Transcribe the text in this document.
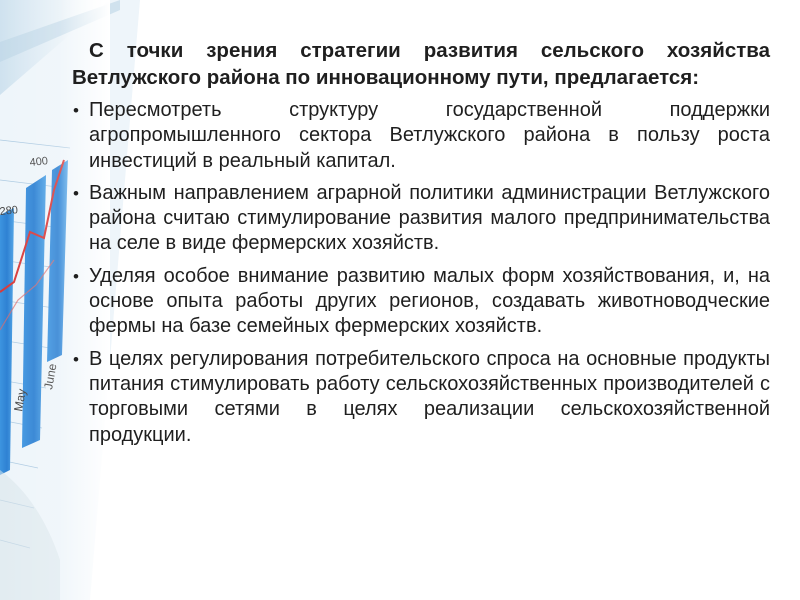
С точки зрения стратегии развития сельского хозяйства Ветлужского района по инновационному пути, предлагается:

• Пересмотреть структуру государственной поддержки агропромышленного сектора Ветлужского района в пользу роста инвестиций в реальный капитал.
• Важным направлением аграрной политики администрации Ветлужского района считаю стимулирование развития малого предпринимательства на селе в виде фермерских хозяйств.
• Уделяя особое внимание развитию малых форм хозяйствования, и, на основе опыта работы других регионов, создавать животноводческие фермы на базе семейных фермерских хозяйств.
• В целях регулирования потребительского спроса на основные продукты питания стимулировать работу сельскохозяйственных производителей с торговыми сетями в целях реализации сельскохозяйственной продукции.
